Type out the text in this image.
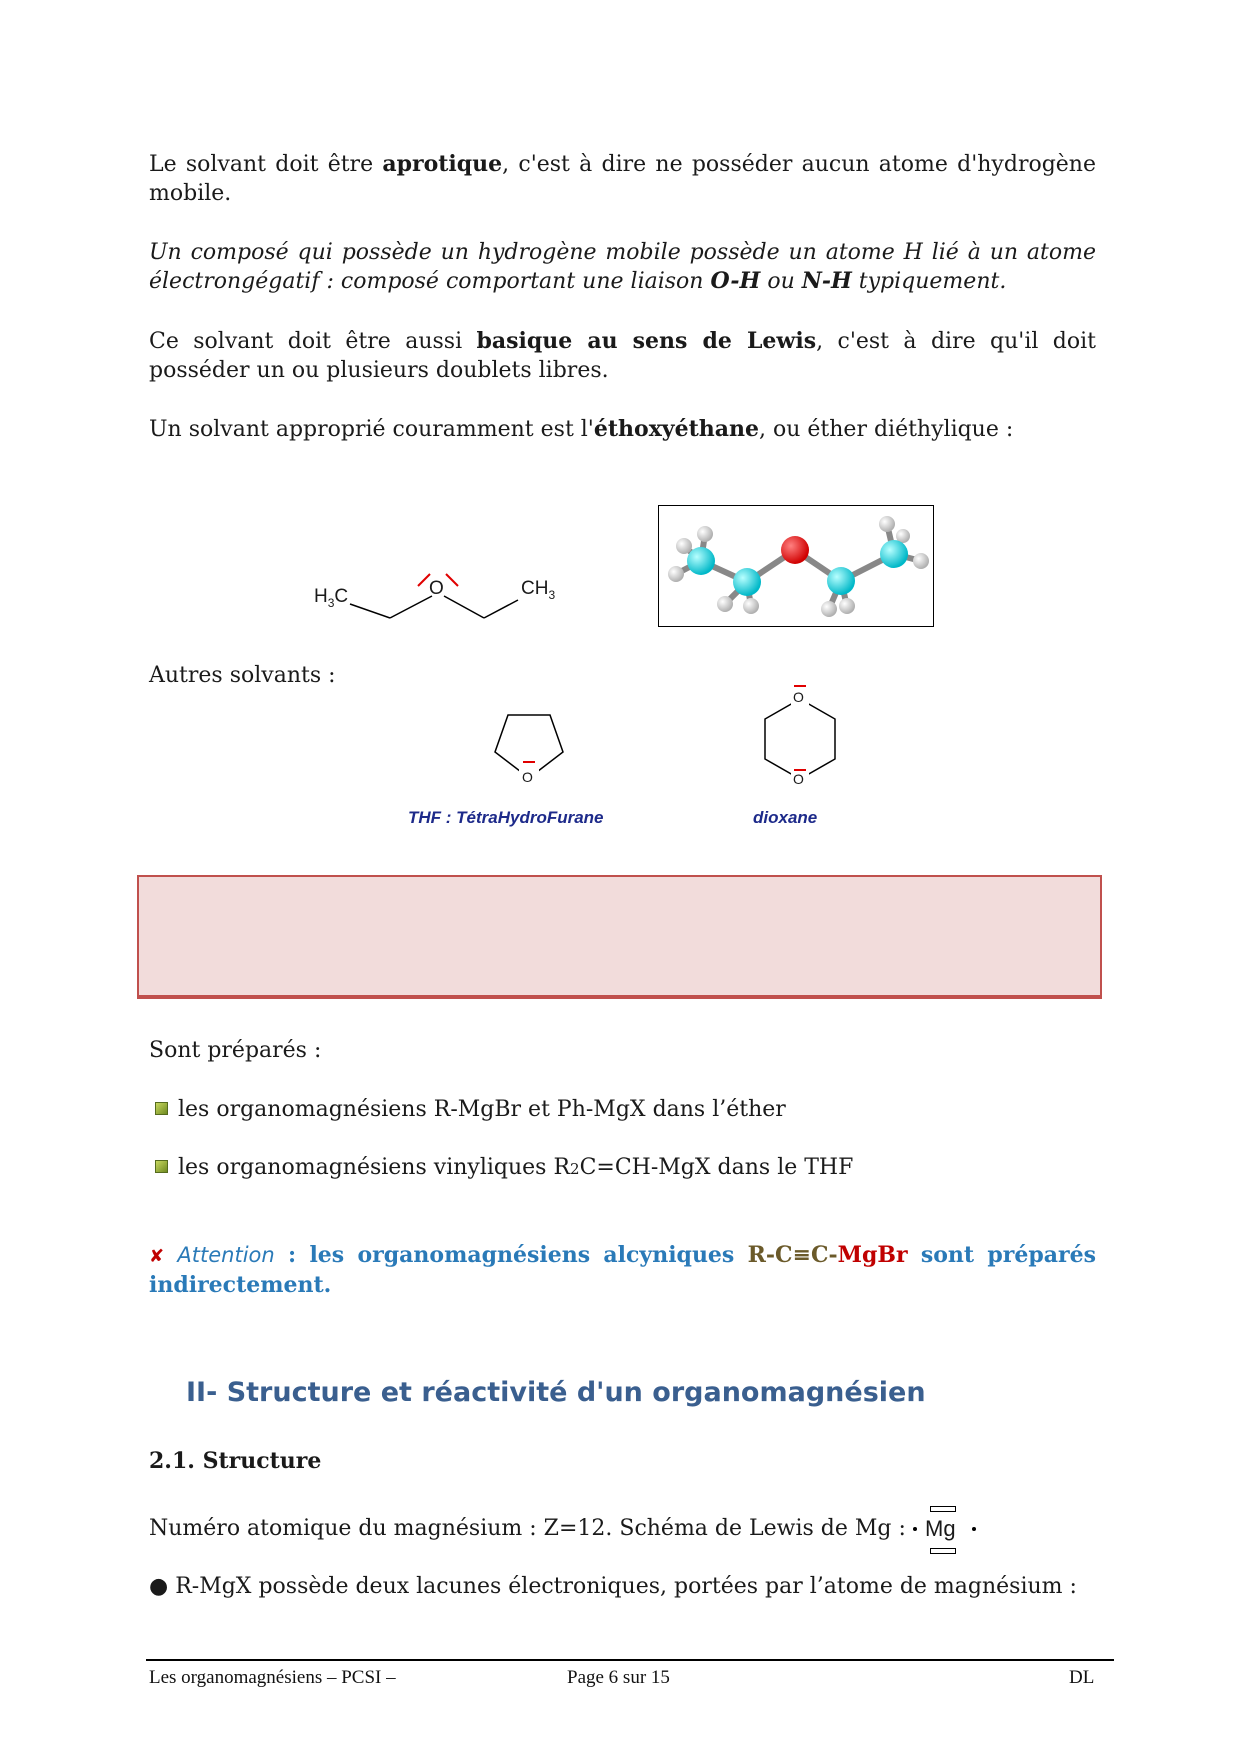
Le solvant doit être aprotique, c'est à dire ne posséder aucun atome d'hydrogène mobile.
Un composé qui possède un hydrogène mobile possède un atome H lié à un atome électrongégatif : composé comportant une liaison O-H ou N-H typiquement.
Ce solvant doit être aussi basique au sens de Lewis, c'est à dire qu'il doit posséder un ou plusieurs doublets libres.
Un solvant approprié couramment est l'éthoxyéthane, ou éther diéthylique :
$H_3C$	O	$CH_3$
Autres solvants :
O
THF : TétraHydroFurane
O
O
dioxane
Sont préparés :
les organomagnésiens R-MgBr et Ph-MgX dans l’éther
les organomagnésiens vinyliques R2C=CH-MgX dans le THF
✘ Attention : les organomagnésiens alcyniques R-C≡C-MgBr sont préparés indirectement.
II- Structure et réactivité d'un organomagnésien
2.1. Structure
Numéro atomique du magnésium : Z=12. Schéma de Lewis de Mg : Mg
● R-MgX possède deux lacunes électroniques, portées par l’atome de magnésium :
Les organomagnésiens – PCSI –	Page 6 sur 15	DL
